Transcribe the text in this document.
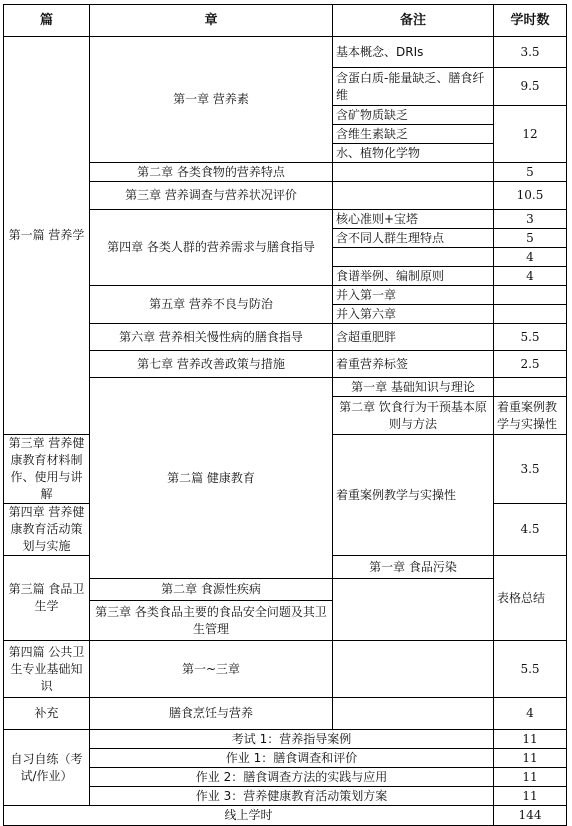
篇	章	备注	学时数	
第一篇 营养学	第一章 营养素	基本概念、DRIs	3.5	
		含蛋白质-能量缺乏、膳食纤维	9.5	
		含矿物质缺乏	12	
		含维生素缺乏		
		水、植物化学物		
	第二章 各类食物的营养特点		5	
	第三章 营养调查与营养状况评价		10.5	
	第四章 各类人群的营养需求与膳食指导	核心准则+宝塔	3	
		含不同人群生理特点	5	
			4	
		食谱举例、编制原则	4	
	第五章 营养不良与防治	并入第一章		
		并入第六章		
	第六章 营养相关慢性病的膳食指导	含超重肥胖	5.5	
	第七章 营养改善政策与措施	着重营养标签	2.5	
	第二篇 健康教育	第一章 基础知识与理论		
		第二章 饮食行为干预基本原则与方法	着重案例教学与实操性	
第三章 营养健康教育材料制作、使用与讲解		着重案例教学与实操性	3.5	
第四章 营养健康教育活动策划与实施			4.5	
第三篇 食品卫生学		第一章 食品污染	表格总结	
	第二章 食源性疾病			
	第三章 各类食品主要的食品安全问题及其卫生管理			
第四篇 公共卫生专业基础知识	第一~三章		5.5	
补充	膳食烹饪与营养		4	
自习自练（考试/作业）	考试 1：营养指导案例		11	
	作业 1：膳食调查和评价		11	
	作业 2：膳食调查方法的实践与应用		11	
	作业 3：营养健康教育活动策划方案		11	
线上学时			144	
